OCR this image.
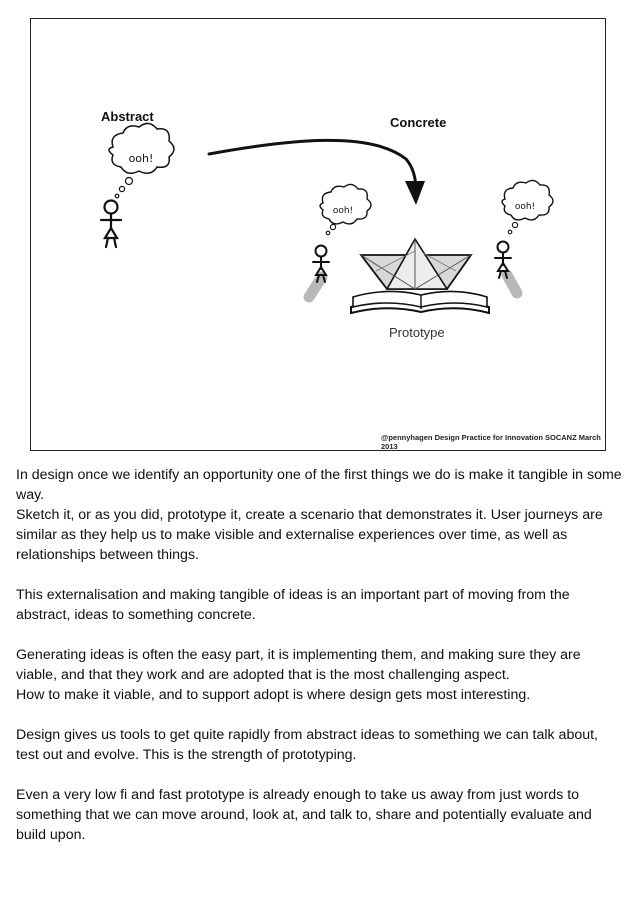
ooh!
ooh!	ooh!
Abstract	Concrete
Prototype
@pennyhagen Design Practice for Innovation SOCANZ March 2013

In design once we identify an opportunity one of the first things we do is make it tangible in some way.

Sketch it, or as you did, prototype it, create a scenario that demonstrates it. User journeys are similar as they help us to make visible and externalise experiences over time, as well as relationships between things.

This externalisation and making tangible of ideas is an important part of moving from the abstract, ideas to something concrete.

Generating ideas is often the easy part, it is implementing them, and making sure they are viable, and that they work and are adopted that is the most challenging aspect.

How to make it viable, and to support adopt is where design gets most interesting.

Design gives us tools to get quite rapidly from abstract ideas to something we can talk about, test out and evolve. This is the strength of prototyping.

Even a very low fi and fast prototype is already enough to take us away from just words to something that we can move around, look at, and talk to, share and potentially evaluate and build upon.
